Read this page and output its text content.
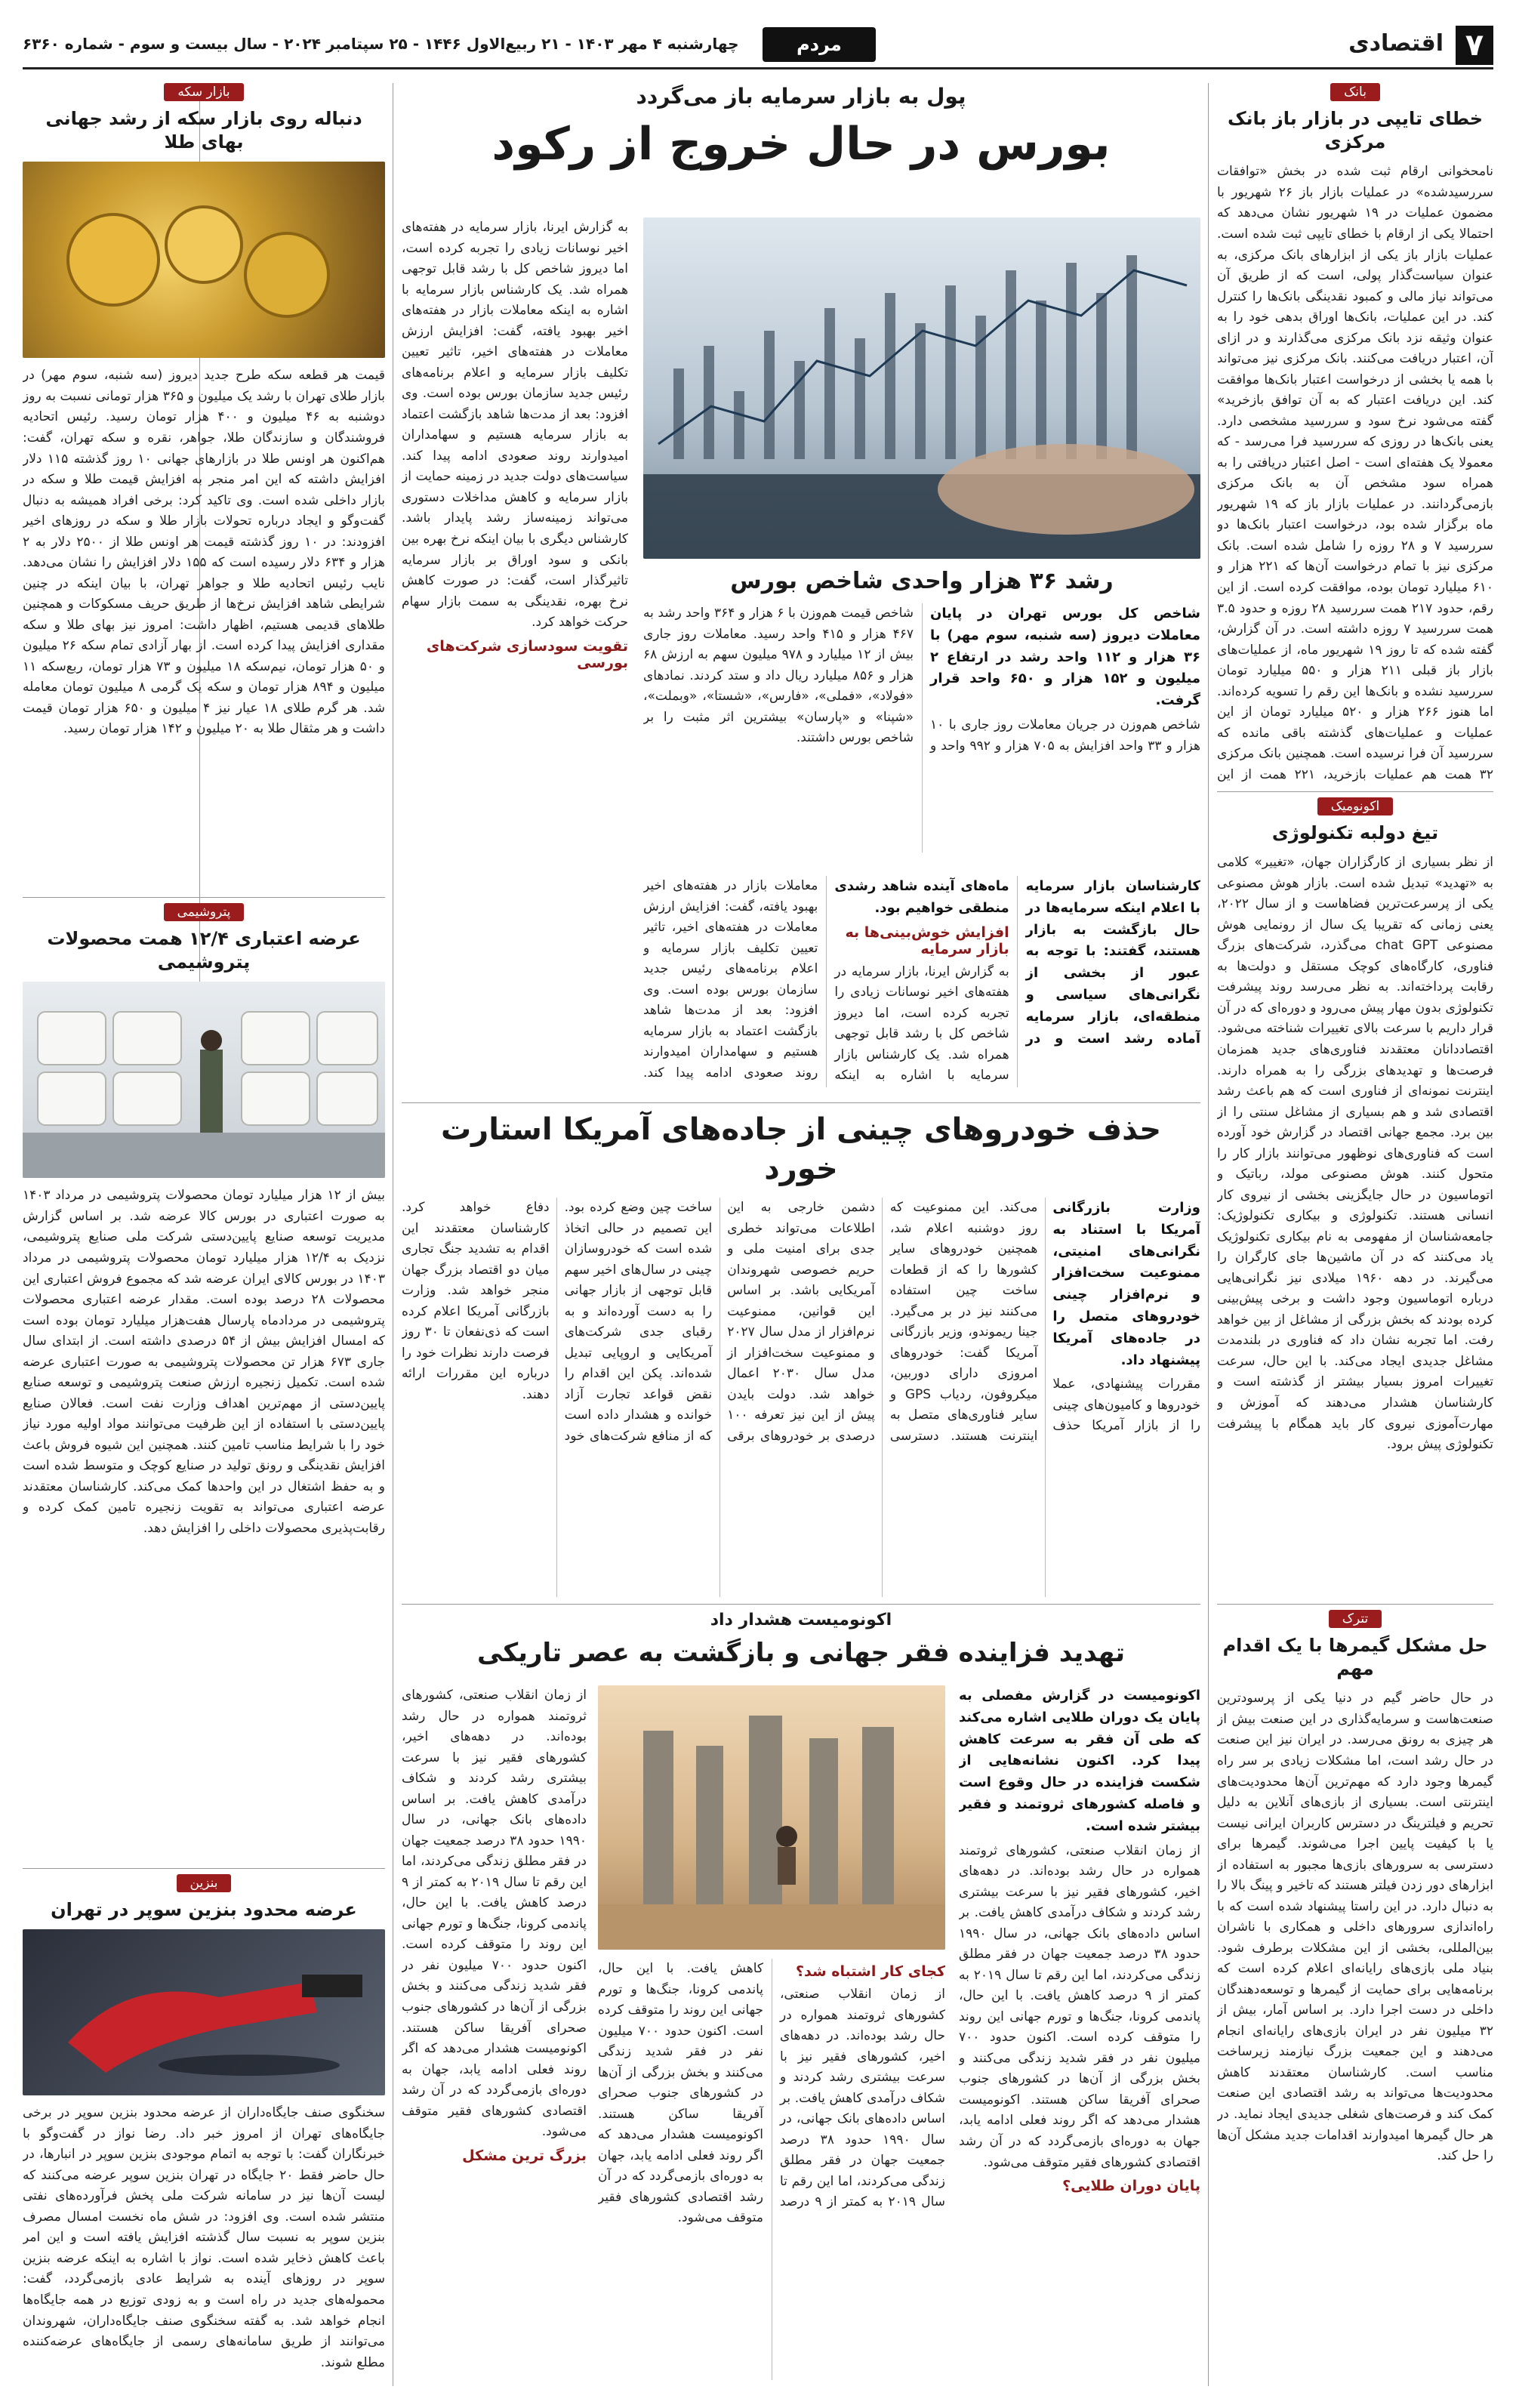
۷
اقتصادی
مردم سالاری
چهارشنبه ۴ مهر ۱۴۰۳ - ۲۱ ربیع‌الاول ۱۴۴۶ - ۲۵ سپتامبر ۲۰۲۴ - سال بیست و سوم - شماره ۶۳۶۰
بانک
خطای تایپی در بازار باز بانک مرکزی
نامحخوانی ارقام ثبت شده در بخش «توافقات سررسیدشده» در عملیات بازار باز ۲۶ شهریور با مضمون عملیات در ۱۹ شهریور نشان می‌دهد که احتمالا یکی از ارقام با خطای تایپی ثبت شده است. عملیات بازار باز یکی از ابزارهای بانک مرکزی، به عنوان سیاست‌گذار پولی، است که از طریق آن می‌تواند نیاز مالی و کمبود نقدینگی بانک‌ها را کنترل کند. در این عملیات، بانک‌ها اوراق بدهی خود را به عنوان وثیقه نزد بانک مرکزی می‌گذارند و در ازای آن، اعتبار دریافت می‌کنند. بانک مرکزی نیز می‌تواند با همه یا بخشی از درخواست اعتبار بانک‌ها موافقت کند. این دریافت اعتبار که به آن توافق بازخرید» گفته می‌شود نرخ سود و سررسید مشخصی دارد. یعنی بانک‌ها در روزی که سررسید فرا می‌رسد - که معمولا یک هفته‌ای است - اصل اعتبار دریافتی را به همراه سود مشخص آن به بانک مرکزی بازمی‌گردانند. در عملیات بازار باز که ۱۹ شهریور ماه برگزار شده بود، درخواست اعتبار بانک‌ها دو سررسید ۷ و ۲۸ روزه را شامل شده است. بانک مرکزی نیز با تمام درخواست آن‌ها که ۲۲۱ هزار و ۶۱۰ میلیارد تومان بوده، موافقت کرده است. از این رقم، حدود ۲۱۷ همت سررسید ۲۸ روزه و حدود ۳.۵ همت سررسید ۷ روزه داشته است. در آن گزارش، گفته شده که تا روز ۱۹ شهریور ماه، از عملیات‌های بازار باز قبلی ۲۱۱ هزار و ۵۵۰ میلیارد تومان سررسید نشده و بانک‌ها این رقم را تسویه کرده‌اند. اما هنوز ۲۶۶ هزار و ۵۲۰ میلیارد تومان از این عملیات و عملیات‌های گذشته باقی مانده که سررسید آن فرا نرسیده است. همچنین بانک مرکزی ۳۲ همت هم عملیات بازخرید، ۲۲۱ همت از این
اکونومیک
تیغ دولبه تکنولوژی
از نظر بسیاری از کارگزاران جهان، «تغییر» کلامی به «تهدید» تبدیل شده است. بازار هوش مصنوعی یکی از پرسرعت‌ترین فضاهاست و از سال ۲۰۲۲، یعنی زمانی که تقریبا یک سال از رونمایی هوش مصنوعی chat GPT می‌گذرد، شرکت‌های بزرگ فناوری، کارگاه‌های کوچک مستقل و دولت‌ها به رقابت پرداخته‌اند. به نظر می‌رسد روند پیشرفت تکنولوژی بدون مهار پیش می‌رود و دوره‌ای که در آن قرار داریم با سرعت بالای تغییرات شناخته می‌شود. اقتصاددانان معتقدند فناوری‌های جدید همزمان فرصت‌ها و تهدیدهای بزرگی را به همراه دارند. اینترنت نمونه‌ای از فناوری است که هم باعث رشد اقتصادی شد و هم بسیاری از مشاغل سنتی را از بین برد. مجمع جهانی اقتصاد در گزارش خود آورده است که فناوری‌های نوظهور می‌توانند بازار کار را متحول کنند. هوش مصنوعی مولد، رباتیک و اتوماسیون در حال جایگزینی بخشی از نیروی کار انسانی هستند. تکنولوژی و بیکاری تکنولوژیک: جامعه‌شناسان از مفهومی به نام بیکاری تکنولوژیک یاد می‌کنند که در آن ماشین‌ها جای کارگران را می‌گیرند. در دهه ۱۹۶۰ میلادی نیز نگرانی‌هایی درباره اتوماسیون وجود داشت و برخی پیش‌بینی کرده بودند که بخش بزرگی از مشاغل از بین خواهد رفت. اما تجربه نشان داد که فناوری در بلندمدت مشاغل جدیدی ایجاد می‌کند. با این حال، سرعت تغییرات امروز بسیار بیشتر از گذشته است و کارشناسان هشدار می‌دهند که آموزش و مهارت‌آموزی نیروی کار باید همگام با پیشرفت تکنولوژی پیش برود.
تترک
حل مشکل گیمرها با یک اقدام مهم
در حال حاضر گیم در دنیا یکی از پرسودترین صنعت‌هاست و سرمایه‌گذاری در این صنعت بیش از هر چیزی به رونق می‌رسد. در ایران نیز این صنعت در حال رشد است، اما مشکلات زیادی بر سر راه گیمرها وجود دارد که مهم‌ترین آن‌ها محدودیت‌های اینترنتی است. بسیاری از بازی‌های آنلاین به دلیل تحریم و فیلترینگ در دسترس کاربران ایرانی نیست یا با کیفیت پایین اجرا می‌شوند. گیمرها برای دسترسی به سرورهای بازی‌ها مجبور به استفاده از ابزارهای دور زدن فیلتر هستند که تاخیر و پینگ بالا را به دنبال دارد. در این راستا پیشنهاد شده است که با راه‌اندازی سرورهای داخلی و همکاری با ناشران بین‌المللی، بخشی از این مشکلات برطرف شود. بنیاد ملی بازی‌های رایانه‌ای اعلام کرده است که برنامه‌هایی برای حمایت از گیمرها و توسعه‌دهندگان داخلی در دست اجرا دارد. بر اساس آمار، بیش از ۳۲ میلیون نفر در ایران بازی‌های رایانه‌ای انجام می‌دهند و این جمعیت بزرگ نیازمند زیرساخت مناسب است. کارشناسان معتقدند کاهش محدودیت‌ها می‌تواند به رشد اقتصادی این صنعت کمک کند و فرصت‌های شغلی جدیدی ایجاد نماید. در هر حال گیمرها امیدوارند اقدامات جدید مشکل آن‌ها را حل کند.
پول به بازار سرمایه باز می‌گردد
بورس در حال خروج از رکود
رشد ۳۶ هزار واحدی شاخص بورس

شاخص کل بورس تهران در پایان معاملات دیروز (سه شنبه، سوم مهر) با ۳۶ هزار و ۱۱۲ واحد رشد در ارتفاع ۲ میلیون و ۱۵۲ هزار و ۶۵۰ واحد قرار گرفت.

شاخص هم‌وزن در جریان معاملات روز جاری با ۱۰ هزار و ۳۳ واحد افزایش به ۷۰۵ هزار و ۹۹۲ واحد و شاخص قیمت هم‌وزن با ۶ هزار و ۳۶۴ واحد رشد به ۴۶۷ هزار و ۴۱۵ واحد رسید. معاملات روز جاری بیش از ۱۲ میلیارد و ۹۷۸ میلیون سهم به ارزش ۶۸ هزار و ۸۵۶ میلیارد ریال داد و ستد کردند. نمادهای «فولاد»، «فملی»، «فارس»، «شستا»، «وبملت»، «شپنا» و «پارسان» بیشترین اثر مثبت را بر شاخص بورس داشتند.

به گزارش ایرنا، بازار سرمایه در هفته‌های اخیر نوسانات زیادی را تجربه کرده است، اما دیروز شاخص کل با رشد قابل توجهی همراه شد. یک کارشناس بازار سرمایه با اشاره به اینکه معاملات بازار در هفته‌های اخیر بهبود یافته، گفت: افزایش ارزش معاملات در هفته‌های اخیر، تاثیر تعیین تکلیف بازار سرمایه و اعلام برنامه‌های رئیس جدید سازمان بورس بوده است. وی افزود: بعد از مدت‌ها شاهد بازگشت اعتماد به بازار سرمایه هستیم و سهامداران امیدوارند روند صعودی ادامه پیدا کند. سیاست‌های دولت جدید در زمینه حمایت از بازار سرمایه و کاهش مداخلات دستوری می‌تواند زمینه‌ساز رشد پایدار باشد. کارشناس دیگری با بیان اینکه نرخ بهره بین بانکی و سود اوراق بر بازار سرمایه تاثیرگذار است، گفت: در صورت کاهش نرخ بهره، نقدینگی به سمت بازار سهام حرکت خواهد کرد.
تقویت سودسازی شرکت‌های بورسی

کارشناسان بازار سرمایه با اعلام اینکه سرمایه‌ها در حال بازگشت به بازار هستند، گفتند: با توجه به عبور از بخشی از نگرانی‌های سیاسی و منطقه‌ای، بازار سرمایه آماده رشد است و در ماه‌های آینده شاهد رشدی منطقی خواهیم بود.

افزایش خوش‌بینی‌ها به بازار سرمایه

به گزارش ایرنا، بازار سرمایه در هفته‌های اخیر نوسانات زیادی را تجربه کرده است، اما دیروز شاخص کل با رشد قابل توجهی همراه شد. یک کارشناس بازار سرمایه با اشاره به اینکه معاملات بازار در هفته‌های اخیر بهبود یافته، گفت: افزایش ارزش معاملات در هفته‌های اخیر، تاثیر تعیین تکلیف بازار سرمایه و اعلام برنامه‌های رئیس جدید سازمان بورس بوده است. وی افزود: بعد از مدت‌ها شاهد بازگشت اعتماد به بازار سرمایه هستیم و سهامداران امیدوارند روند صعودی ادامه پیدا کند.

حذف خودروهای چینی از جاده‌های آمریکا استارت خورد

وزارت بازرگانی آمریکا با استناد به نگرانی‌های امنیتی، ممنوعیت سخت‌افزار و نرم‌افزار چینی خودروهای متصل را در جاده‌های آمریکا پیشنهاد داد.

مقررات پیشنهادی، عملا خودروها و کامیون‌های چینی را از بازار آمریکا حذف می‌کند. این ممنوعیت که روز دوشنبه اعلام شد، همچنین خودروهای سایر کشورها را که از قطعات ساخت چین استفاده می‌کنند نیز در بر می‌گیرد. جینا ریموندو، وزیر بازرگانی آمریکا گفت: خودروهای امروزی دارای دوربین، میکروفون، ردیاب GPS و سایر فناوری‌های متصل به اینترنت هستند. دسترسی دشمن خارجی به این اطلاعات می‌تواند خطری جدی برای امنیت ملی و حریم خصوصی شهروندان آمریکایی باشد. بر اساس این قوانین، ممنوعیت نرم‌افزار از مدل سال ۲۰۲۷ و ممنوعیت سخت‌افزار از مدل سال ۲۰۳۰ اعمال خواهد شد. دولت بایدن پیش از این نیز تعرفه ۱۰۰ درصدی بر خودروهای برقی ساخت چین وضع کرده بود. این تصمیم در حالی اتخاذ شده است که خودروسازان چینی در سال‌های اخیر سهم قابل توجهی از بازار جهانی را به دست آورده‌اند و به رقبای جدی شرکت‌های آمریکایی و اروپایی تبدیل شده‌اند. پکن این اقدام را نقض قواعد تجارت آزاد خوانده و هشدار داده است که از منافع شرکت‌های خود دفاع خواهد کرد. کارشناسان معتقدند این اقدام به تشدید جنگ تجاری میان دو اقتصاد بزرگ جهان منجر خواهد شد. وزارت بازرگانی آمریکا اعلام کرده است که ذی‌نفعان تا ۳۰ روز فرصت دارند نظرات خود را درباره این مقررات ارائه دهند.

اکونومیست هشدار داد
تهدید فزاینده فقر جهانی و بازگشت به عصر تاریکی

اکونومیست در گزارش مفصلی به پایان یک دوران طلایی اشاره می‌کند که طی آن فقر به سرعت کاهش پیدا کرد. اکنون نشانه‌هایی از شکست فزاینده در حال وقوع است و فاصله کشورهای ثروتمند و فقیر بیشتر شده است.

از زمان انقلاب صنعتی، کشورهای ثروتمند همواره در حال رشد بوده‌اند. در دهه‌های اخیر، کشورهای فقیر نیز با سرعت بیشتری رشد کردند و شکاف درآمدی کاهش یافت. بر اساس داده‌های بانک جهانی، در سال ۱۹۹۰ حدود ۳۸ درصد جمعیت جهان در فقر مطلق زندگی می‌کردند، اما این رقم تا سال ۲۰۱۹ به کمتر از ۹ درصد کاهش یافت. با این حال، پاندمی کرونا، جنگ‌ها و تورم جهانی این روند را متوقف کرده است. اکنون حدود ۷۰۰ میلیون نفر در فقر شدید زندگی می‌کنند و بخش بزرگی از آن‌ها در کشورهای جنوب صحرای آفریقا ساکن هستند. اکونومیست هشدار می‌دهد که اگر روند فعلی ادامه یابد، جهان به دوره‌ای بازمی‌گردد که در آن رشد اقتصادی کشورهای فقیر متوقف می‌شود.

پایان دوران طلایی؟

از زمان انقلاب صنعتی، کشورهای ثروتمند همواره در حال رشد بوده‌اند. در دهه‌های اخیر، کشورهای فقیر نیز با سرعت بیشتری رشد کردند و شکاف درآمدی کاهش یافت. بر اساس داده‌های بانک جهانی، در سال ۱۹۹۰ حدود ۳۸ درصد جمعیت جهان در فقر مطلق زندگی می‌کردند، اما این رقم تا سال ۲۰۱۹ به کمتر از ۹ درصد کاهش یافت. با این حال، پاندمی کرونا، جنگ‌ها و تورم جهانی این روند را متوقف کرده است. اکنون حدود ۷۰۰ میلیون نفر در فقر شدید زندگی می‌کنند و بخش بزرگی از آن‌ها در کشورهای جنوب صحرای آفریقا ساکن هستند. اکونومیست هشدار می‌دهد که اگر روند فعلی ادامه یابد، جهان به دوره‌ای بازمی‌گردد که در آن رشد اقتصادی کشورهای فقیر متوقف می‌شود.

بزرگ ترین مشکل
کجای کار اشتباه شد؟

از زمان انقلاب صنعتی، کشورهای ثروتمند همواره در حال رشد بوده‌اند. در دهه‌های اخیر، کشورهای فقیر نیز با سرعت بیشتری رشد کردند و شکاف درآمدی کاهش یافت. بر اساس داده‌های بانک جهانی، در سال ۱۹۹۰ حدود ۳۸ درصد جمعیت جهان در فقر مطلق زندگی می‌کردند، اما این رقم تا سال ۲۰۱۹ به کمتر از ۹ درصد کاهش یافت. با این حال، پاندمی کرونا، جنگ‌ها و تورم جهانی این روند را متوقف کرده است. اکنون حدود ۷۰۰ میلیون نفر در فقر شدید زندگی می‌کنند و بخش بزرگی از آن‌ها در کشورهای جنوب صحرای آفریقا ساکن هستند. اکونومیست هشدار می‌دهد که اگر روند فعلی ادامه یابد، جهان به دوره‌ای بازمی‌گردد که در آن رشد اقتصادی کشورهای فقیر متوقف می‌شود.

بازار سکه
دنباله روی بازار سکه از رشد جهانی بهای طلا
قیمت هر قطعه سکه طرح جدید دیروز (سه شنبه، سوم مهر) در بازار طلای تهران با رشد یک میلیون و ۳۶۵ هزار تومانی نسبت به روز دوشنبه به ۴۶ میلیون و ۴۰۰ هزار تومان رسید. رئیس اتحادیه فروشندگان و سازندگان طلا، جواهر، نقره و سکه تهران، گفت: هم‌اکنون هر اونس طلا در بازارهای جهانی ۱۰ روز گذشته ۱۱۵ دلار افزایش داشته که این امر منجر به افزایش قیمت طلا و سکه در بازار داخلی شده است. وی تاکید کرد: برخی افراد همیشه به دنبال گفت‌وگو و ایجاد درباره تحولات بازار طلا و سکه در روزهای اخیر افزودند: در ۱۰ روز گذشته قیمت هر اونس طلا از ۲۵۰۰ دلار به ۲ هزار و ۶۳۴ دلار رسیده است که ۱۵۵ دلار افزایش را نشان می‌دهد. نایب رئیس اتحادیه طلا و جواهر تهران، با بیان اینکه در چنین شرایطی شاهد افزایش نرخ‌ها از طریق حریف مسکوکات و همچنین طلاهای قدیمی هستیم، اظهار داشت: امروز نیز بهای طلا و سکه مقداری افزایش پیدا کرده است. از بهار آزادی تمام سکه ۲۶ میلیون و ۵۰ هزار تومان، نیم‌سکه ۱۸ میلیون و ۷۳ هزار تومان، ربع‌سکه ۱۱ میلیون و ۸۹۴ هزار تومان و سکه یک گرمی ۸ میلیون تومان معامله شد. هر گرم طلای ۱۸ عیار نیز ۴ میلیون و ۶۵۰ هزار تومان قیمت داشت و هر مثقال طلا به ۲۰ میلیون و ۱۴۲ هزار تومان رسید.
پتروشیمی
عرضه اعتباری ۱۲/۴ همت محصولات پتروشیمی
بیش از ۱۲ هزار میلیارد تومان محصولات پتروشیمی در مرداد ۱۴۰۳ به صورت اعتباری در بورس کالا عرضه شد. بر اساس گزارش مدیریت توسعه صنایع پایین‌دستی شرکت ملی صنایع پتروشیمی، نزدیک به ۱۲/۴ هزار میلیارد تومان محصولات پتروشیمی در مرداد ۱۴۰۳ در بورس کالای ایران عرضه شد که مجموع فروش اعتباری این محصولات ۲۸ درصد بوده است. مقدار عرضه اعتباری محصولات پتروشیمی در مردادماه پارسال هفت‌هزار میلیارد تومان بوده است که امسال افزایش بیش از ۵۴ درصدی داشته است. از ابتدای سال جاری ۶۷۳ هزار تن محصولات پتروشیمی به صورت اعتباری عرضه شده است. تکمیل زنجیره ارزش صنعت پتروشیمی و توسعه صنایع پایین‌دستی از مهم‌ترین اهداف وزارت نفت است. فعالان صنایع پایین‌دستی با استفاده از این ظرفیت می‌توانند مواد اولیه مورد نیاز خود را با شرایط مناسب تامین کنند. همچنین این شیوه فروش باعث افزایش نقدینگی و رونق تولید در صنایع کوچک و متوسط شده است و به حفظ اشتغال در این واحدها کمک می‌کند. کارشناسان معتقدند عرضه اعتباری می‌تواند به تقویت زنجیره تامین کمک کرده و رقابت‌پذیری محصولات داخلی را افزایش دهد.
بنزین
عرضه محدود بنزین سوپر در تهران
سخنگوی صنف جایگاه‌داران از عرضه محدود بنزین سوپر در برخی جایگاه‌های تهران از امروز خبر داد. رضا نواز در گفت‌وگو با خبرنگاران گفت: با توجه به اتمام موجودی بنزین سوپر در انبارها، در حال حاضر فقط ۲۰ جایگاه در تهران بنزین سوپر عرضه می‌کنند که لیست آن‌ها نیز در سامانه شرکت ملی پخش فرآورده‌های نفتی منتشر شده است. وی افزود: در شش ماه نخست امسال مصرف بنزین سوپر به نسبت سال گذشته افزایش یافته است و این امر باعث کاهش ذخایر شده است. نواز با اشاره به اینکه عرضه بنزین سوپر در روزهای آینده به شرایط عادی بازمی‌گردد، گفت: محموله‌های جدید در راه است و به زودی توزیع در همه جایگاه‌ها انجام خواهد شد. به گفته سخنگوی صنف جایگاه‌داران، شهروندان می‌توانند از طریق سامانه‌های رسمی از جایگاه‌های عرضه‌کننده مطلع شوند.
